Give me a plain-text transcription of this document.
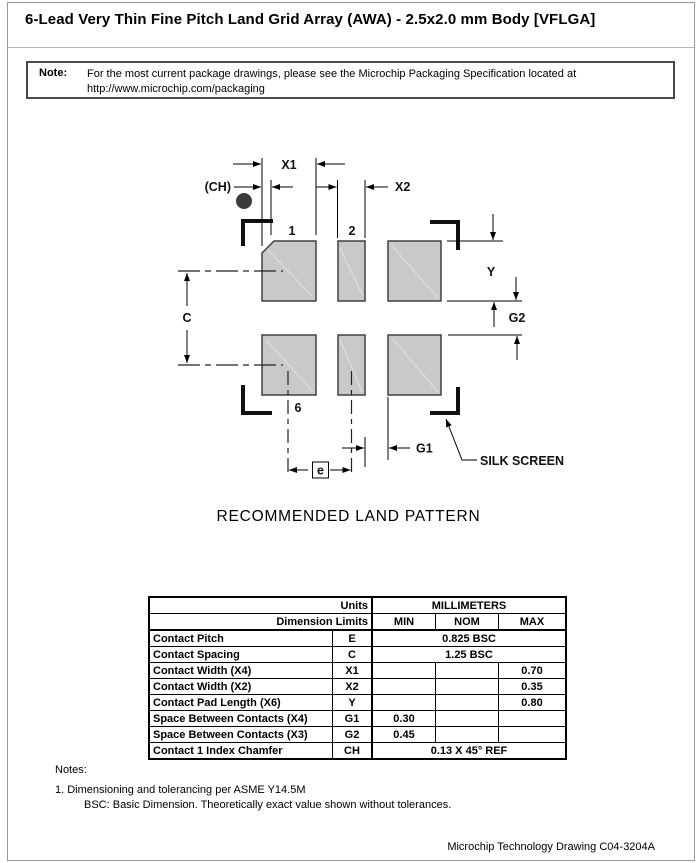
6-Lead Very Thin Fine Pitch Land Grid Array (AWA) - 2.5x2.0 mm Body [VFLGA]
Note: For the most current package drawings, please see the Microchip Packaging Specification located at
http://www.microchip.com/packaging
X1
(CH)	X2
1	2
6
C
Y
G2
G1
e
SILK SCREEN
RECOMMENDED LAND PATTERN
Units		MILLIMETERS		
Dimension Limits		MIN	NOM	MAX
Contact Pitch	E	0.825 BSC		
Contact Spacing	C	1.25 BSC		
Contact Width (X4)	X1			0.70
Contact Width (X2)	X2			0.35
Contact Pad Length (X6)	Y			0.80
Space Between Contacts (X4)	G1	0.30		
Space Between Contacts (X3)	G2	0.45		
Contact 1 Index Chamfer	CH	0.13 X 45° REF		
Notes:
1. Dimensioning and tolerancing per ASME Y14.5M
BSC: Basic Dimension. Theoretically exact value shown without tolerances.
Microchip Technology Drawing C04-3204A
